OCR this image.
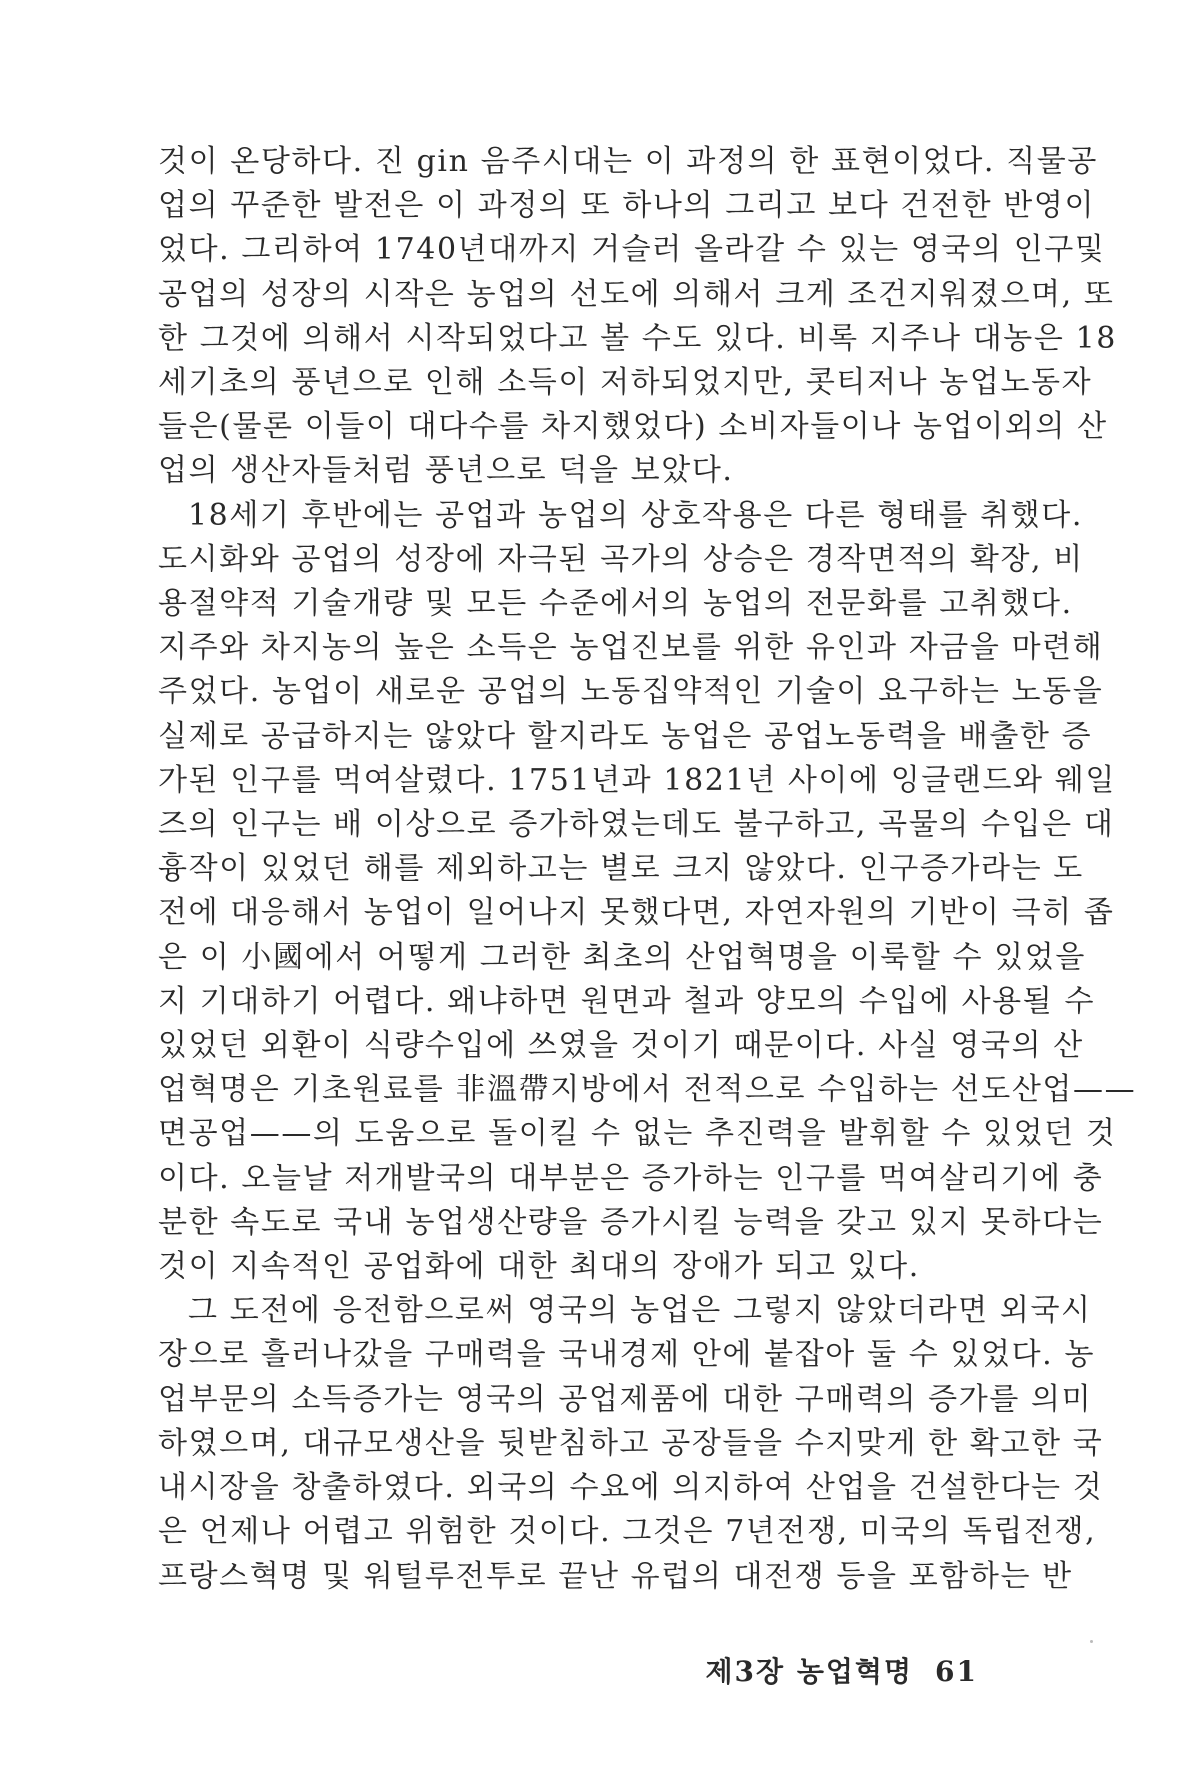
것이 온당하다. 진 gin 음주시대는 이 과정의 한 표현이었다. 직물공
업의 꾸준한 발전은 이 과정의 또 하나의 그리고 보다 건전한 반영이
었다. 그리하여 1740년대까지 거슬러 올라갈 수 있는 영국의 인구및
공업의 성장의 시작은 농업의 선도에 의해서 크게 조건지워졌으며, 또
한 그것에 의해서 시작되었다고 볼 수도 있다. 비록 지주나 대농은 18
세기초의 풍년으로 인해 소득이 저하되었지만, 콧티저나 농업노동자
들은(물론 이들이 대다수를 차지했었다) 소비자들이나 농업이외의 산
업의 생산자들처럼 풍년으로 덕을 보았다.
18세기 후반에는 공업과 농업의 상호작용은 다른 형태를 취했다.
도시화와 공업의 성장에 자극된 곡가의 상승은 경작면적의 확장, 비
용절약적 기술개량 및 모든 수준에서의 농업의 전문화를 고취했다.
지주와 차지농의 높은 소득은 농업진보를 위한 유인과 자금을 마련해
주었다. 농업이 새로운 공업의 노동집약적인 기술이 요구하는 노동을
실제로 공급하지는 않았다 할지라도 농업은 공업노동력을 배출한 증
가된 인구를 먹여살렸다. 1751년과 1821년 사이에 잉글랜드와 웨일
즈의 인구는 배 이상으로 증가하였는데도 불구하고, 곡물의 수입은 대
흉작이 있었던 해를 제외하고는 별로 크지 않았다. 인구증가라는 도
전에 대응해서 농업이 일어나지 못했다면, 자연자원의 기반이 극히 좁
은 이 小國에서 어떻게 그러한 최초의 산업혁명을 이룩할 수 있었을
지 기대하기 어렵다. 왜냐하면 원면과 철과 양모의 수입에 사용될 수
있었던 외환이 식량수입에 쓰였을 것이기 때문이다. 사실 영국의 산
업혁명은 기초원료를 非溫帶지방에서 전적으로 수입하는 선도산업——
면공업——의 도움으로 돌이킬 수 없는 추진력을 발휘할 수 있었던 것
이다. 오늘날 저개발국의 대부분은 증가하는 인구를 먹여살리기에 충
분한 속도로 국내 농업생산량을 증가시킬 능력을 갖고 있지 못하다는
것이 지속적인 공업화에 대한 최대의 장애가 되고 있다.
그 도전에 응전함으로써 영국의 농업은 그렇지 않았더라면 외국시
장으로 흘러나갔을 구매력을 국내경제 안에 붙잡아 둘 수 있었다. 농
업부문의 소득증가는 영국의 공업제품에 대한 구매력의 증가를 의미
하였으며, 대규모생산을 뒷받침하고 공장들을 수지맞게 한 확고한 국
내시장을 창출하였다. 외국의 수요에 의지하여 산업을 건설한다는 것
은 언제나 어렵고 위험한 것이다. 그것은 7년전쟁, 미국의 독립전쟁,
프랑스혁명 및 워털루전투로 끝난 유럽의 대전쟁 등을 포함하는 반
제3장 농업혁명 61
